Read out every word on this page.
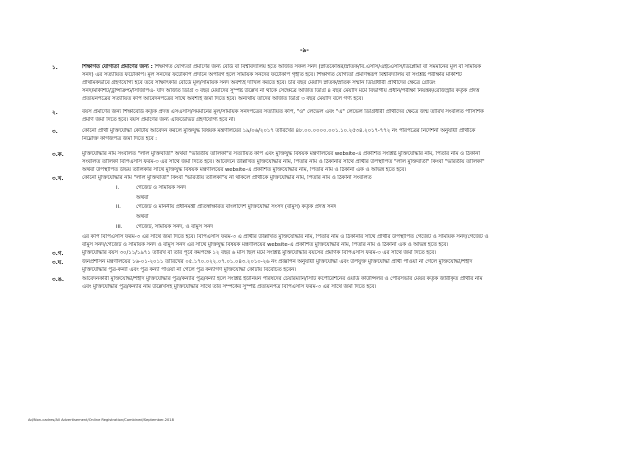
-৯-
১.	শিক্ষাগত যোগ্যতা প্রমাণের জন্য : শিক্ষাগত যোগ্যতা প্রমাণের জন্য বোর্ড বা বিশ্ববিদ্যালয় হতে অর্জিত সকল সনদ (স্নাতকোত্তর/স্নাতক/বি.এসসি/এইচএসসি/ডিপ্লোমা বা সমমানের মূল বা সাময়িক
সনদ) এর সত্যায়িত ফটোকপি। মূল সনদের ফটোকপি প্রদানে অপারগ হলে সাময়িক সনদের ফটোকপি গৃহীত হবে। শিক্ষাগত যোগ্যতা প্রমাণস্বরূপ বিশ্ববিদ্যালয় বা সংশ্লিষ্ট পরীক্ষার মার্কশিট
প্রাথমিকভাবে গ্রহণযোগ্য হবে তবে সাক্ষাৎকার বোর্ডে মূল/সাময়িক সনদ অবশ্যই দাখিল করতে হবে। চার বছর মেয়াদি স্নাতক/স্নাতক সম্মান ডিগ্রিধারী প্রার্থীদের ক্ষেত্রে গ্রেডিং
সনদ/মার্কশিট/ট্রান্সক্রিপ্ট/সিজিপিএ- যদি অর্জিত ডিগ্রি ৩ বছর মেয়াদের সুস্পষ্ট উল্লেখ না থাকে সেক্ষেত্রে অর্জিত ডিগ্রি ৪ বছর মেয়াদি মর্মে বিভাগীয় প্রধান/পরীক্ষা নিয়ন্ত্রক/রেজিস্ট্রার কর্তৃক প্রদত্ত
প্রত্যয়নপত্রের সত্যায়িত কপি আবেদনপত্রের সাথে অবশ্যই জমা দিতে হবে। অন্যথায় তাদের অর্জিত ডিগ্রি ৩ বছর মেয়াদি বলে গণ্য হবে।
২.	বয়স প্রমাণের জন্য শিক্ষাবোর্ড কর্তৃক প্রদত্ত এসএসসি/সমমানের মূল/সাময়িক সনদপত্রের সত্যায়িত কপি, "ও" লেভেল এবং "এ" লেভেল ডিগ্রিধারী প্রার্থীদের ক্ষেত্রে জন্ম তারিখ সংবলিত পাসিশিক
প্রমাণ জমা দিতে হবে। বয়স প্রমাণের জন্য এফিডেভিট গ্রহণযোগ্য হবে না।
৩.	কোনো প্রার্থী মুক্তিযোদ্ধা কোটায় আবেদন করলে মুক্তিযুদ্ধ বিষয়ক মন্ত্রণালয়ের ১৯/০৬/২০১৭ তারিখের ৪৮.০০.০০০০.০০১.১০.২৫৩৪.২০১৭-৭৭২ নং পরিপত্রের নির্দেশনা অনুযায়ী প্রার্থীকে
নিম্নোক্ত কাগজপত্র জমা দিতে হবে :
৩.ক.	মুক্তিযোদ্ধার নাম সংবলিত "লাল মুক্তিবার্তা" অথবা "ভারতীয় তালিকা"র সত্যায়িত কপি এবং মুক্তিযুদ্ধ বিষয়ক মন্ত্রণালয়ের website-এ প্রকাশিত সংশ্লিষ্ট মুক্তিযোদ্ধার নাম, পিতার নাম ও ঠিকানা
সংবলিত তালিকা বিপিএসসি ফরম-৩ এর সাথে জমা দিতে হবে। আবেদনে উল্লিখিত মুক্তিযোদ্ধার নাম, পিতার নাম ও ঠিকানার সাথে প্রার্থীর উপস্থাপিত "লাল মুক্তিবার্তা" কিংবা "ভারতীয় তালিকা"
অথবা উপস্থাপিত উভয় তালিকার সাথে মুক্তিযুদ্ধ বিষয়ক মন্ত্রণালয়ের website-এ প্রকাশিত মুক্তিযোদ্ধার নাম, পিতার নাম ও ঠিকানা এক ও অভিন্ন হতে হবে।
৩.খ.	কোনো মুক্তিযোদ্ধার নাম "লাল মুক্তিবার্তা" কিংবা "ভারতীয় তালিকা"য় না থাকলে প্রার্থীকে মুক্তিযোদ্ধার নাম, পিতার নাম ও ঠিকানা সংবলিত
i.	গেজেট ও সাময়িক সনদ
অথবা
ii.	গেজেট ও মাননীয় প্রধানমন্ত্রী প্রতিস্বাক্ষরিত বাংলাদেশ মুক্তিযোদ্ধা সংসদ (বামুস) কর্তৃক প্রদত্ত সনদ
অথবা
iii.	গেজেট, সাময়িক সনদ, ও বামুস সনদ
এর কপি বিপিএসসি ফরম-৩ এর সাথে জমা দিতে হবে। বিপিএসসি ফরম-৩ এ প্রার্থীর উল্লিখিত মুক্তিযোদ্ধার নাম, পিতার নাম ও ঠিকানার সাথে প্রার্থীর উপস্থাপিত গেজেট ও সাময়িক সনদ/গেজেট ও
বামুস সনদ/গেজেট ও সাময়িক সনদ ও বামুস সনদ এর সাথে মুক্তিযুদ্ধ বিষয়ক মন্ত্রণালয়ের website-এ প্রকাশিত মুক্তিযোদ্ধার নাম, পিতার নাম ও ঠিকানা এক ও অভিন্ন হতে হবে।
৩.গ.	মুক্তিযোদ্ধার বয়স ৩০/১১/১৯৭১ তারিখ বা তার পূর্বে কমপক্ষে ১২ বছর ৬ মাস ছিল মর্মে সংশ্লিষ্ট মুক্তিযোদ্ধার বয়সের প্রমাণক বিপিএসসি ফরম-৩ এর সাথে জমা দিতে হবে।
৩.ঘ.	জনপ্রশাসন মন্ত্রণালয়ের ১৬-০১-২০১১ তারিখের ০৫.১৭০.০২২.০৭.০১.০৪৩.২০১০-২৬ নং প্রজ্ঞাপন অনুযায়ী মুক্তিযোদ্ধা এবং উপযুক্ত মুক্তিযোদ্ধা প্রার্থী পাওয়া না গেলে মুক্তিযোদ্ধা/শহীদ
মুক্তিযোদ্ধার পুত্র-কন্যা এবং পুত্র কন্যা পাওয়া না গেলে পুত্র কন্যাগণ মুক্তিযোদ্ধা কোটায় বিবেচিত হবেন।
৩.ঙ.	আবেদনকারী মুক্তিযোদ্ধা/শহীদ মুক্তিযোদ্ধার পুত্র/কন্যার পুত্র/কন্যা হলে সংশ্লিষ্ট ইউনিয়ন পরিষদের চেয়ারম্যান/সিটি কর্পোরেশনের ওয়ার্ড কাউন্সিলর ও পৌরসভার মেয়র কর্তৃক জারীকৃত প্রার্থীর নাম
এবং মুক্তিযোদ্ধার পুত্র/কন্যার নাম উল্লেখসহ মুক্তিযোদ্ধার সাথে তার সম্পর্কের সুস্পষ্ট প্রত্যয়নপত্র বিপিএসসি ফরম-৩ এর সাথে জমা দিতে হবে।
Ad/Non-cadres/All Advertisement/Online Registration/Combined/September-2018
